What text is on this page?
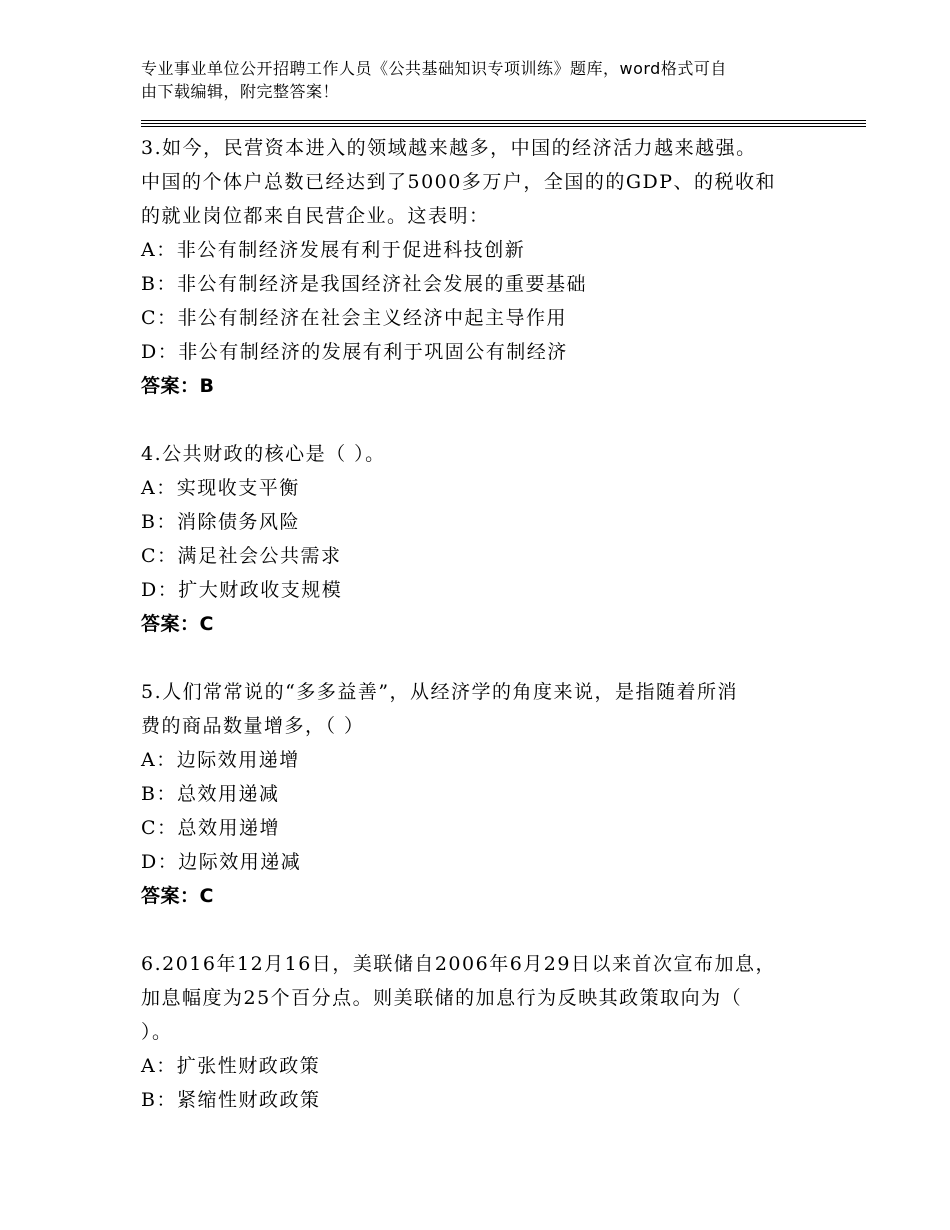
专业事业单位公开招聘工作人员《公共基础知识专项训练》题库，word格式可自
由下载编辑，附完整答案！

3.如今，民营资本进入的领域越来越多，中国的经济活力越来越强。

中国的个体户总数已经达到了5000多万户，全国的的GDP、的税收和

的就业岗位都来自民营企业。这表明：

A：非公有制经济发展有利于促进科技创新

B：非公有制经济是我国经济社会发展的重要基础

C：非公有制经济在社会主义经济中起主导作用

D：非公有制经济的发展有利于巩固公有制经济

答案：B

4.公共财政的核心是（ ）。

A：实现收支平衡

B：消除债务风险

C：满足社会公共需求

D：扩大财政收支规模

答案：C

5.人们常常说的“多多益善”，从经济学的角度来说，是指随着所消

费的商品数量增多，（ ）

A：边际效用递增

B：总效用递减

C：总效用递增

D：边际效用递减

答案：C

6.2016年12月16日，美联储自2006年6月29日以来首次宣布加息，

加息幅度为25个百分点。则美联储的加息行为反映其政策取向为（

）。

A：扩张性财政政策

B：紧缩性财政政策
